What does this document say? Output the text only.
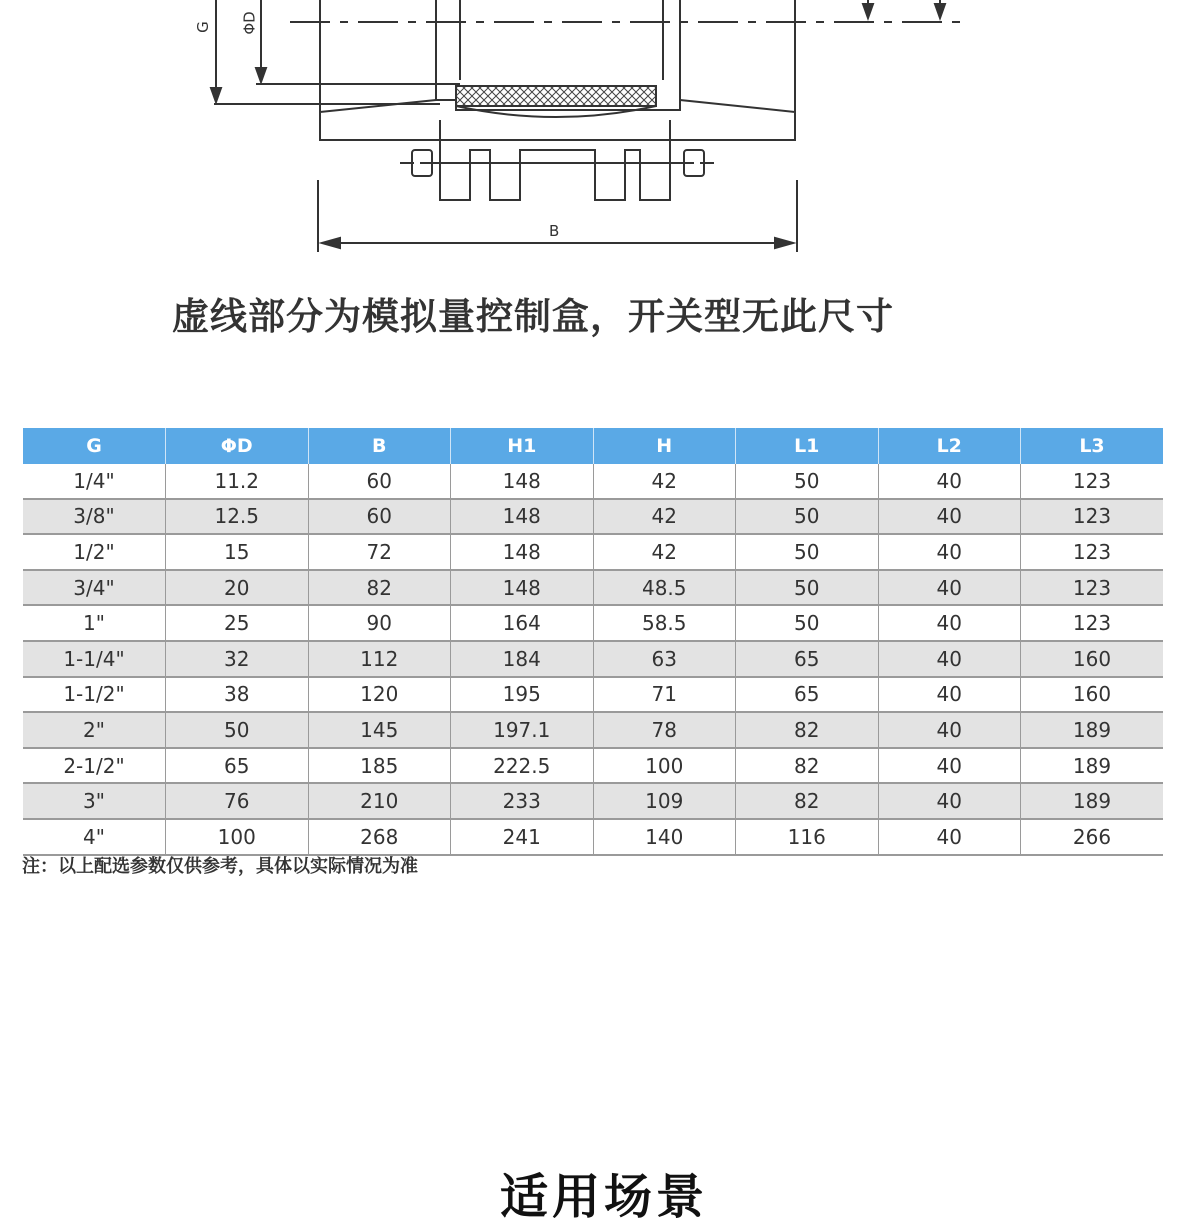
G ΦD
B
虚线部分为模拟量控制盒，开关型无此尺寸
G	ΦD	B	H1	H	L1	L2	L3
1/4"	11.2	60	148	42	50	40	123
3/8"	12.5	60	148	42	50	40	123
1/2"	15	72	148	42	50	40	123
3/4"	20	82	148	48.5	50	40	123
1"	25	90	164	58.5	50	40	123
1-1/4"	32	112	184	63	65	40	160
1-1/2"	38	120	195	71	65	40	160
2"	50	145	197.1	78	82	40	189
2-1/2"	65	185	222.5	100	82	40	189
3"	76	210	233	109	82	40	189
4"	100	268	241	140	116	40	266
注：以上配选参数仅供参考，具体以实际情况为准
适用场景
